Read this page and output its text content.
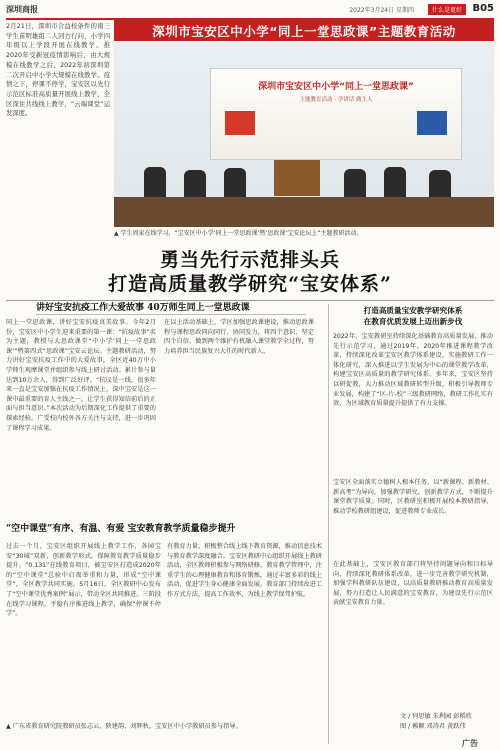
深圳商报	2022年3月24日 星期四	什么是更好	B05
2月21日，深圳市合益校条件的南三学生苗明雄组二人同方行问，小学四年级以上学段开展在线教学。推2020年受新冠疫情影响后，由大规模在线教学之后，2022年初深圳第二次开启中小学大规模在线教学。疫情之下，停课不停学，宝安区以先行示范区标准高质量开展线上教学，全区深住共线线上教学，“云端课堂”运发深度。
深圳市宝安区中小学“同上一堂思政课”主题教育活动
深圳市宝安区中小学“同上一堂思政课”
主题教育活动 · 学讲话 做主人
▲ 学生周家在线学习，“宝安区中小学‘同上一堂思政课’暨‘思政课’宝安论坛上”主题教研活动。
勇当先行示范排头兵
打造高质量教学研究“宝安体系”
讲好宝安抗疫工作大爱故事 40万师生同上一堂思政课
同上一堂思政课，讲好宝安抗疫真美故事。今年2月份，宝安区中小学生迎来重要的第一课：“抗疫故事”名为主题，教授与大思政课堂“中小学‘同上一堂思政课’”暨第四式“思政课”宝安云论坛。主题教研活动，努力讲好宝安抗疫工作中的大爱故事，全区近40万中小学师生观摩课堂并组织参与线上研讨活动。累计参与量达到10万余人，得到广泛好评。“抗议是一线，很多年来一直是宝安加强在抗疫工作情况上，深中宝安是这一课中最重要的育人主线之一，让学生获得知信前后的正面与担当意识。”本次活动为后期深化工作提供了重要的探索经验。广受校内校外各方关注与支持，进一步巩固了课程学习成果。
在以上活动基础上，学区加强思政课建设，推动思政课程与课程思政同向同行、协同发力，将四个意识、坚定四个自信、做到两个维护有机融入课堂教学全过程，努力培养担当民族复兴大任的时代新人。
“空中课堂”有序、有温、有爱 宝安教育教学质量稳步提升
过去一个月，宝安区组织开展线上教学工作，各园宝安“30城”双新、创新教学形式，保障教育教学质量稳步提升。“0.131”在线教育项目，被宝安区打造成2020年的“空中课堂”总验中启夜举重和力量，形成“空中课堂”，全区教学共同实施。5月16日，全区教研中心发布了“空中课堂优秀案例”展示，带动全区共同推进。三阶段在线学习课程，平稳有序推进线上教学，确保“停课不停学”。
有教育力量，积极整合线上线下教育资源，推动信息技术与教育教学深度融合。宝安区教研中心组织开展线上教研活动，全区教师积极参与网络研修。教育教学管理中，注重学生的心理健康教育和体育锻炼，通过丰富多彩的线上活动，促进学生身心健康全面发展。教育部门持续改进工作方式方法，提高工作效率，为线上教学保驾护航。
打造高质量宝安教学研究体系
在教育优质发展上迈出新步伐
2022年，宝安教研室持续深化基础教育高质量发展，推动先行示范学习，通过2019年、2020年推进课程教学改革，持续深化改革宝安区教学体系建设，实施教研工作一体化研究，深入推进以学生发展为中心的课堂教学改革，构建宝安区高质量的教学研究体系。多年来，宝安区坚持以研促教，大力推动区域教研转型升级，积极引导教师专业发展，构建了“区-片-校”三级教研网络，教研工作扎实有效，为区域教育质量提升提供了有力支撑。
宝安区全面落实立德树人根本任务，以“新课程、新教材、新高考”为导向，加强教学研究，创新教学方式，不断提升课堂教学质量。同时，区教研室积极开展校本教研指导，推动学校教研组建设，促进教师专业成长。
在此基础上，宝安区教育部门将坚持问题导向和目标导向，持续深化教研体系改革，进一步完善教学研究机制，加强学科教研队伍建设，以高质量教研推动教育高质量发展，努力打造让人民满意的宝安教育，为建设先行示范区贡献宝安教育力量。
文 / 何思敏 朱利园 彭稻欣
图 / 赖颖 邓涛君 黄跃伟
▲ 广东省教育研究院教研员张志云、陕建韵、刘辉秋，宝安区中小学教研员参与指导。
广告
